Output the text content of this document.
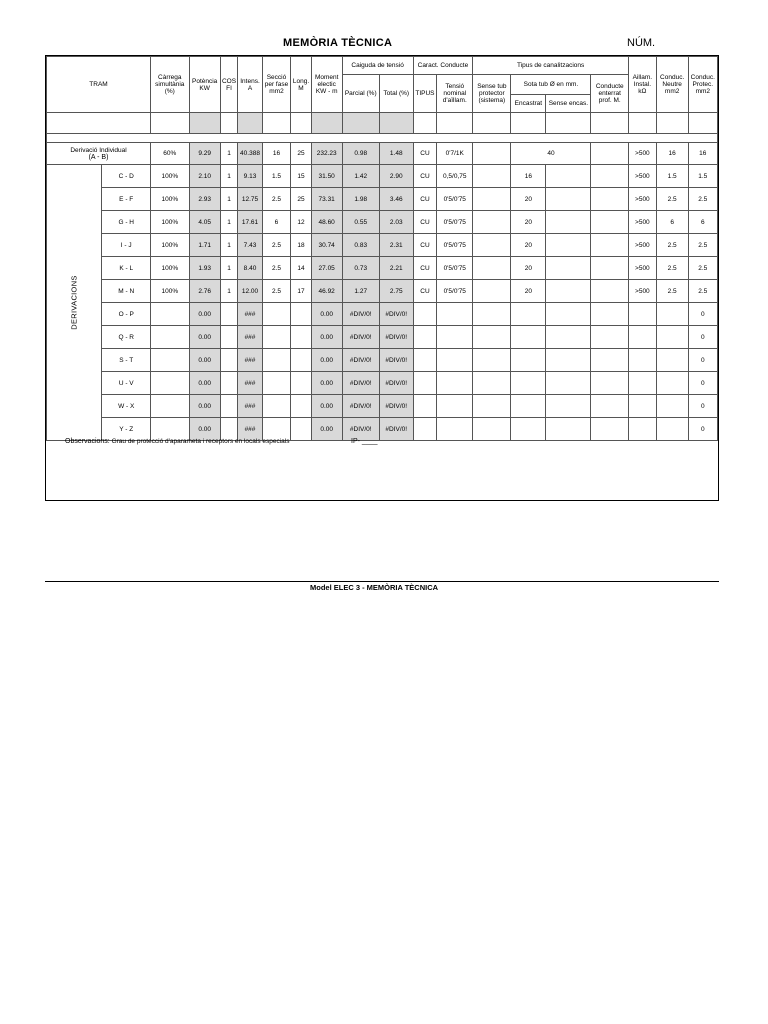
MEMÒRIA TÈCNICA	NÚM.
TRAM		Càrrega simultània (%)	Potència KW	COS FI	Intens. A	Secció per fase mm2	Long. M	Moment electic KW - m	Caiguda de tensió		Caract. Conducte		Tipus de canalitzacions				Aillam. Instal. kΩ	Conduc. Neutre mm2	Conduc. Protec. mm2
									Parcial (%)	Total (%)	TIPUS	Tensió nominal d'aïllam.	Sense tub protector (sistema)	Sota tub Ø en mm.		Conducte enterrat prof. M.			
														Encastrat	Sense encas.				

Derivació Individual
(A - B)		60%	9.29	1	40.388	16	25	232.23	0.98	1.48	CU	0'7/1K		40			>500	16	16
DERIVACIONS	C - D	100%	2.10	1	9.13	1.5	15	31.50	1.42	2.90	CU	0,5/0,75		16			>500	1.5	1.5
	E - F	100%	2.93	1	12.75	2.5	25	73.31	1.98	3.46	CU	0'5/0'75		20			>500	2.5	2.5
	G - H	100%	4.05	1	17.61	6	12	48.60	0.55	2.03	CU	0'5/0'75		20			>500	6	6
	I - J	100%	1.71	1	7.43	2.5	18	30.74	0.83	2.31	CU	0'5/0'75		20			>500	2.5	2.5
	K - L	100%	1.93	1	8.40	2.5	14	27.05	0.73	2.21	CU	0'5/0'75		20			>500	2.5	2.5
	M - N	100%	2.76	1	12.00	2.5	17	46.92	1.27	2.75	CU	0'5/0'75		20			>500	2.5	2.5
	O - P		0.00		###			0.00	#DIV/0!	#DIV/0!									0
	Q - R		0.00		###			0.00	#DIV/0!	#DIV/0!									0
	S - T		0.00		###			0.00	#DIV/0!	#DIV/0!									0
	U - V		0.00		###			0.00	#DIV/0!	#DIV/0!									0
	W - X		0.00		###			0.00	#DIV/0!	#DIV/0!									0
	Y - Z		0.00		###			0.00	#DIV/0!	#DIV/0!									0
Observacions: Grau de protecció d'aparameta i receptors en locals especials	IP- ____
Model ELEC 3 - MEMÒRIA TÈCNICA
